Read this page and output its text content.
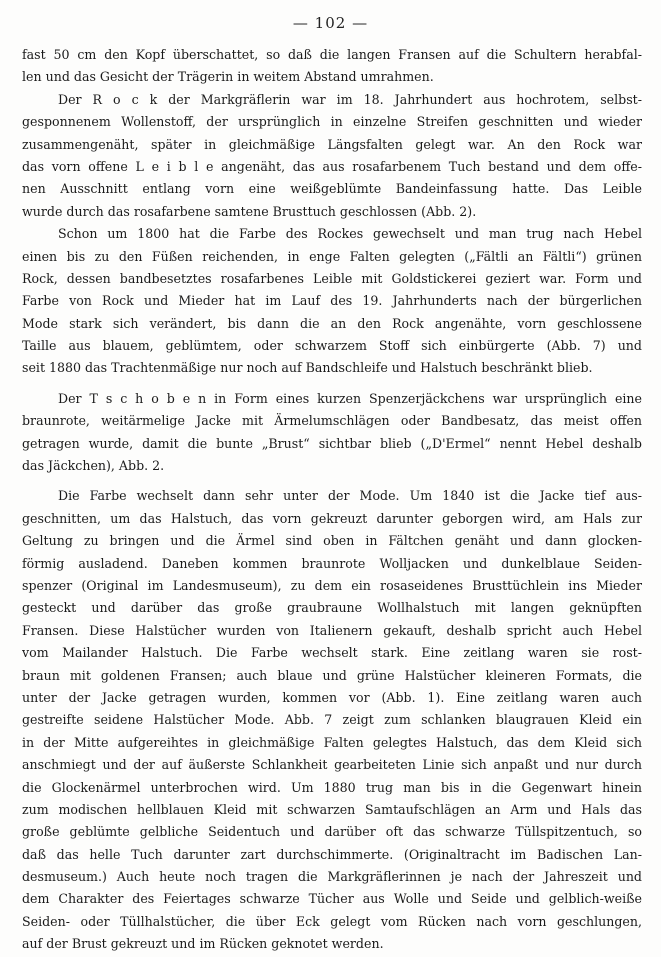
— 102 —
fast 50 cm den Kopf überschattet, so daß die langen Fransen auf die Schultern herabfal-
len und das Gesicht der Trägerin in weitem Abstand umrahmen.
Der R o c k der Markgräflerin war im 18. Jahrhundert aus hochrotem, selbst-
gesponnenem Wollenstoff, der ursprünglich in einzelne Streifen geschnitten und wieder
zusammengenäht, später in gleichmäßige Längsfalten gelegt war. An den Rock war
das vorn offene L e i b l e angenäht, das aus rosafarbenem Tuch bestand und dem offe-
nen Ausschnitt entlang vorn eine weißgeblümte Bandeinfassung hatte. Das Leible
wurde durch das rosafarbene samtene Brusttuch geschlossen (Abb. 2).
Schon um 1800 hat die Farbe des Rockes gewechselt und man trug nach Hebel
einen bis zu den Füßen reichenden, in enge Falten gelegten („Fältli an Fältli“) grünen
Rock, dessen bandbesetztes rosafarbenes Leible mit Goldstickerei geziert war. Form und
Farbe von Rock und Mieder hat im Lauf des 19. Jahrhunderts nach der bürgerlichen
Mode stark sich verändert, bis dann die an den Rock angenähte, vorn geschlossene
Taille aus blauem, geblümtem, oder schwarzem Stoff sich einbürgerte (Abb. 7) und
seit 1880 das Trachtenmäßige nur noch auf Bandschleife und Halstuch beschränkt blieb.
Der T s c h o b e n in Form eines kurzen Spenzerjäckchens war ursprünglich eine
braunrote, weitärmelige Jacke mit Ärmelumschlägen oder Bandbesatz, das meist offen
getragen wurde, damit die bunte „Brust“ sichtbar blieb („D'Ermel“ nennt Hebel deshalb
das Jäckchen), Abb. 2.
Die Farbe wechselt dann sehr unter der Mode. Um 1840 ist die Jacke tief aus-
geschnitten, um das Halstuch, das vorn gekreuzt darunter geborgen wird, am Hals zur
Geltung zu bringen und die Ärmel sind oben in Fältchen genäht und dann glocken-
förmig ausladend. Daneben kommen braunrote Wolljacken und dunkelblaue Seiden-
spenzer (Original im Landesmuseum), zu dem ein rosaseidenes Brusttüchlein ins Mieder
gesteckt und darüber das große graubraune Wollhalstuch mit langen geknüpften
Fransen. Diese Halstücher wurden von Italienern gekauft, deshalb spricht auch Hebel
vom Mailander Halstuch. Die Farbe wechselt stark. Eine zeitlang waren sie rost-
braun mit goldenen Fransen; auch blaue und grüne Halstücher kleineren Formats, die
unter der Jacke getragen wurden, kommen vor (Abb. 1). Eine zeitlang waren auch
gestreifte seidene Halstücher Mode. Abb. 7 zeigt zum schlanken blaugrauen Kleid ein
in der Mitte aufgereihtes in gleichmäßige Falten gelegtes Halstuch, das dem Kleid sich
anschmiegt und der auf äußerste Schlankheit gearbeiteten Linie sich anpaßt und nur durch
die Glockenärmel unterbrochen wird. Um 1880 trug man bis in die Gegenwart hinein
zum modischen hellblauen Kleid mit schwarzen Samtaufschlägen an Arm und Hals das
große geblümte gelbliche Seidentuch und darüber oft das schwarze Tüllspitzentuch, so
daß das helle Tuch darunter zart durchschimmerte. (Originaltracht im Badischen Lan-
desmuseum.) Auch heute noch tragen die Markgräflerinnen je nach der Jahreszeit und
dem Charakter des Feiertages schwarze Tücher aus Wolle und Seide und gelblich-weiße
Seiden- oder Tüllhalstücher, die über Eck gelegt vom Rücken nach vorn geschlungen,
auf der Brust gekreuzt und im Rücken geknotet werden.
